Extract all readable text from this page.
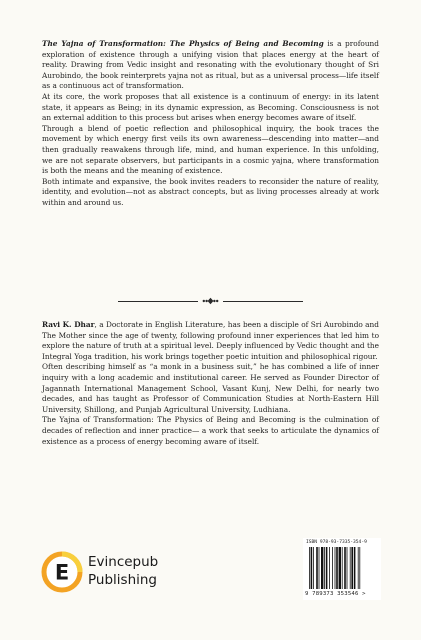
The Yajna of Transformation: The Physics of Being and Becoming is a profound exploration of existence through a unifying vision that places energy at the heart of reality. Drawing from Vedic insight and resonating with the evolutionary thought of Sri Aurobindo, the book reinterprets yajna not as ritual, but as a universal process—life itself as a continuous act of transformation.

At its core, the work proposes that all existence is a continuum of energy: in its latent state, it appears as Being; in its dynamic expression, as Becoming. Consciousness is not an external addition to this process but arises when energy becomes aware of itself.

Through a blend of poetic reflection and philosophical inquiry, the book traces the movement by which energy first veils its own awareness—descending into matter—and then gradually reawakens through life, mind, and human experience. In this unfolding, we are not separate observers, but participants in a cosmic yajna, where transformation is both the means and the meaning of existence.

Both intimate and expansive, the book invites readers to reconsider the nature of reality, identity, and evolution—not as abstract concepts, but as living processes already at work within and around us.

Ravi K. Dhar, a Doctorate in English Literature, has been a disciple of Sri Aurobindo and The Mother since the age of twenty, following profound inner experiences that led him to explore the nature of truth at a spiritual level. Deeply influenced by Vedic thought and the Integral Yoga tradition, his work brings together poetic intuition and philosophical rigour.

Often describing himself as “a monk in a business suit,” he has combined a life of inner inquiry with a long academic and institutional career. He served as Founder Director of Jagannath International Management School, Vasant Kunj, New Delhi, for nearly two decades, and has taught as Professor of Communication Studies at North-Eastern Hill University, Shillong, and Punjab Agricultural University, Ludhiana.

The Yajna of Transformation: The Physics of Being and Becoming is the culmination of decades of reflection and inner practice— a work that seeks to articulate the dynamics of existence as a process of energy becoming aware of itself.

E Evincepub
Publishing
ISBN 978-93-7335-354-9
9 789373 353546 >
